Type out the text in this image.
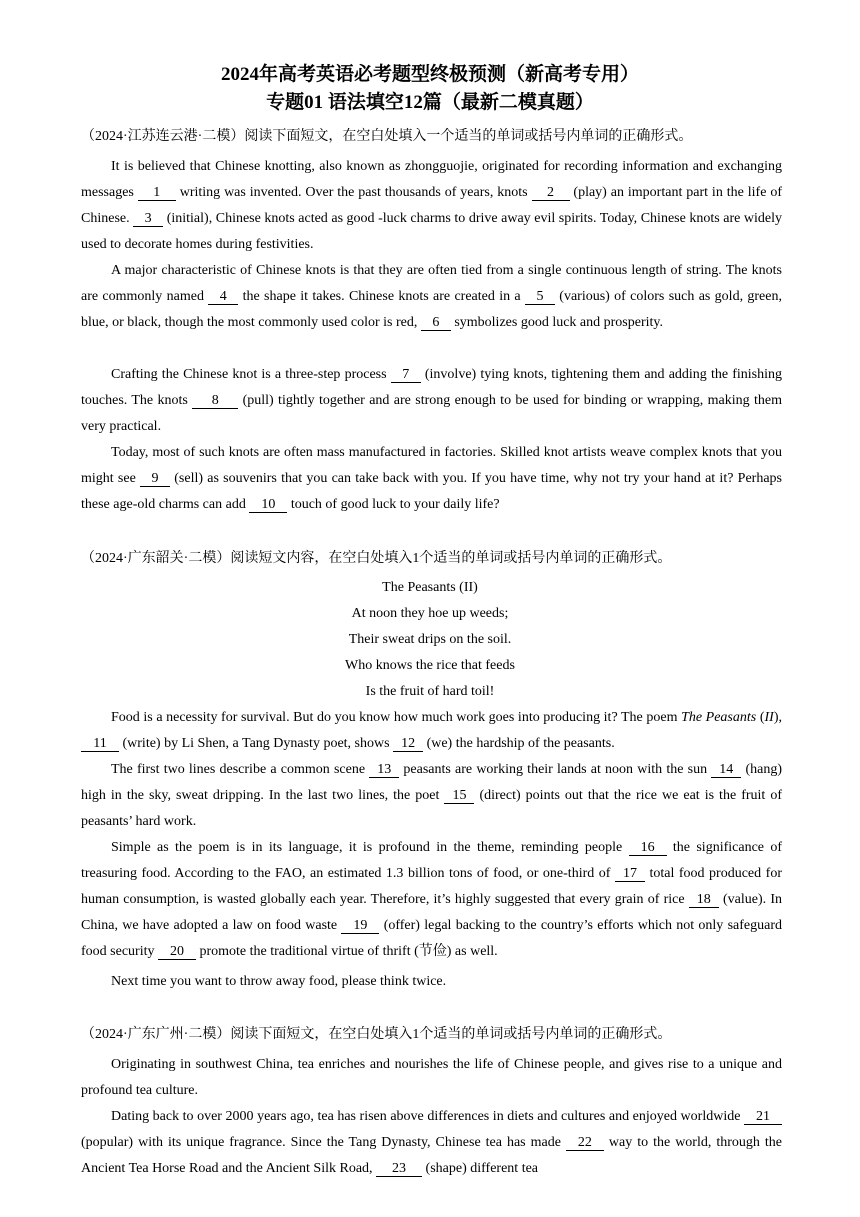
2024年高考英语必考题型终极预测（新高考专用）
专题01 语法填空12篇（最新二模真题）
（2024·江苏连云港·二模）阅读下面短文，在空白处填入一个适当的单词或括号内单词的正确形式。
It is believed that Chinese knotting, also known as zhongguojie, originated for recording information and exchanging messages 1 writing was invented. Over the past thousands of years, knots 2 (play) an important part in the life of Chinese. 3 (initial), Chinese knots acted as good -luck charms to drive away evil spirits. Today, Chinese knots are widely used to decorate homes during festivities.
A major characteristic of Chinese knots is that they are often tied from a single continuous length of string. The knots are commonly named 4 the shape it takes. Chinese knots are created in a 5 (various) of colors such as gold, green, blue, or black, though the most commonly used color is red, 6 symbolizes good luck and prosperity.
Crafting the Chinese knot is a three-step process 7 (involve) tying knots, tightening them and adding the finishing touches. The knots 8 (pull) tightly together and are strong enough to be used for binding or wrapping, making them very practical.
Today, most of such knots are often mass manufactured in factories. Skilled knot artists weave complex knots that you might see 9 (sell) as souvenirs that you can take back with you. If you have time, why not try your hand at it? Perhaps these age-old charms can add 10 touch of good luck to your daily life?
（2024·广东韶关·二模）阅读短文内容，在空白处填入1个适当的单词或括号内单词的正确形式。
The Peasants (II)
At noon they hoe up weeds;
Their sweat drips on the soil.
Who knows the rice that feeds
Is the fruit of hard toil!
Food is a necessity for survival. But do you know how much work goes into producing it? The poem The Peasants (II), 11 (write) by Li Shen, a Tang Dynasty poet, shows 12 (we) the hardship of the peasants.
The first two lines describe a common scene 13 peasants are working their lands at noon with the sun 14 (hang) high in the sky, sweat dripping. In the last two lines, the poet 15 (direct) points out that the rice we eat is the fruit of peasants’ hard work.
Simple as the poem is in its language, it is profound in the theme, reminding people 16 the significance of treasuring food. According to the FAO, an estimated 1.3 billion tons of food, or one-third of 17 total food produced for human consumption, is wasted globally each year. Therefore, it’s highly suggested that every grain of rice 18 (value). In China, we have adopted a law on food waste 19 (offer) legal backing to the country’s efforts which not only safeguard food security 20 promote the traditional virtue of thrift (节俭) as well.
Next time you want to throw away food, please think twice.
（2024·广东广州·二模）阅读下面短文，在空白处填入1个适当的单词或括号内单词的正确形式。
Originating in southwest China, tea enriches and nourishes the life of Chinese people, and gives rise to a unique and profound tea culture.
Dating back to over 2000 years ago, tea has risen above differences in diets and cultures and enjoyed worldwide 21 (popular) with its unique fragrance. Since the Tang Dynasty, Chinese tea has made 22 way to the world, through the Ancient Tea Horse Road and the Ancient Silk Road, 23 (shape) different tea
